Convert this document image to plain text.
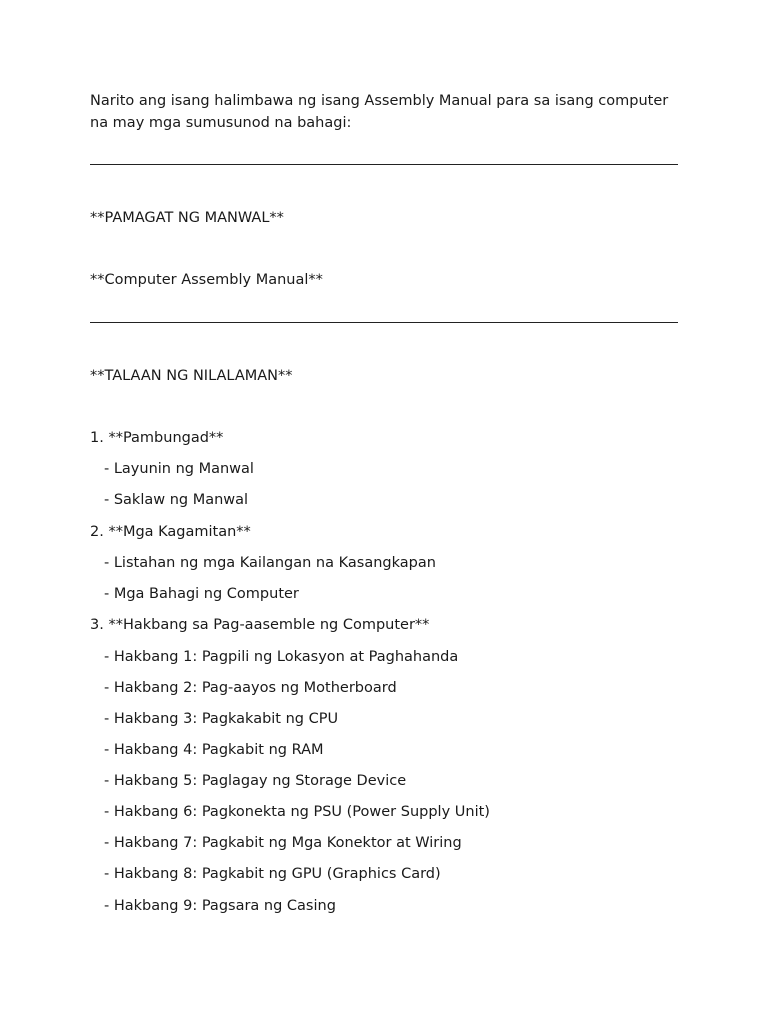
Narito ang isang halimbawa ng isang Assembly Manual para sa isang computer na may mga sumusunod na bahagi:
**PAMAGAT NG MANWAL**
**Computer Assembly Manual**
**TALAAN NG NILALAMAN**
1. **Pambungad**
- Layunin ng Manwal
- Saklaw ng Manwal
2. **Mga Kagamitan**
- Listahan ng mga Kailangan na Kasangkapan
- Mga Bahagi ng Computer
3. **Hakbang sa Pag-aasemble ng Computer**
- Hakbang 1: Pagpili ng Lokasyon at Paghahanda
- Hakbang 2: Pag-aayos ng Motherboard
- Hakbang 3: Pagkakabit ng CPU
- Hakbang 4: Pagkabit ng RAM
- Hakbang 5: Paglagay ng Storage Device
- Hakbang 6: Pagkonekta ng PSU (Power Supply Unit)
- Hakbang 7: Pagkabit ng Mga Konektor at Wiring
- Hakbang 8: Pagkabit ng GPU (Graphics Card)
- Hakbang 9: Pagsara ng Casing
